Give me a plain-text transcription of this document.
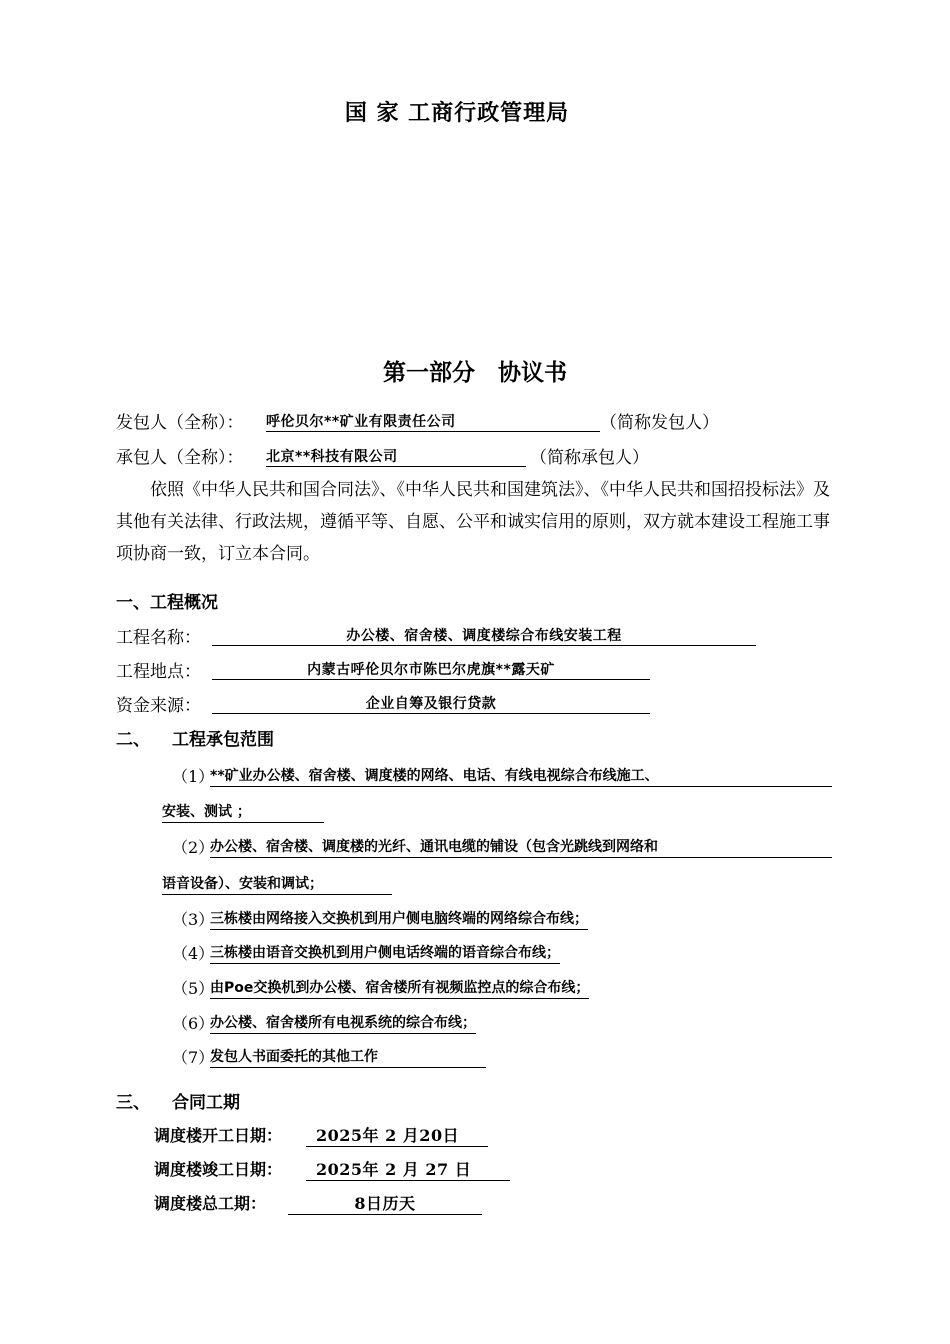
国 家 工商行政管理局
第一部分　协议书
发包人（全称）： 呼伦贝尔**矿业有限责任公司	（简称发包人）
承包人（全称）： 北京**科技有限公司	（简称承包人）
依照《中华人民共和国合同法》、《中华人民共和国建筑法》、《中华人民共和国招投标法》及其他有关法律、行政法规，遵循平等、自愿、公平和诚实信用的原则，双方就本建设工程施工事项协商一致，订立本合同。
一、工程概况
工程名称：	办公楼、宿舍楼、调度楼综合布线安装工程
工程地点：	内蒙古呼伦贝尔市陈巴尔虎旗**露天矿
资金来源：	企业自筹及银行贷款
二、 工程承包范围
（1）
**矿业办公楼、宿舍楼、调度楼的网络、电话、有线电视综合布线施工、
安装、测试 ；
（2）
办公楼、宿舍楼、调度楼的光纤、通讯电缆的铺设（包含光跳线到网络和
语音设备）、安装和调试；
（3）
三栋楼由网络接入交换机到用户侧电脑终端的网络综合布线；
（4）
三栋楼由语音交换机到用户侧电话终端的语音综合布线；
（5）
由Poe交换机到办公楼、宿舍楼所有视频监控点的综合布线；
（6）
办公楼、宿舍楼所有电视系统的综合布线；
（7）
发包人书面委托的其他工作
三、 合同工期
调度楼开工日期：	2025年 2 月20日
调度楼竣工日期：	2025年 2 月 27 日
调度楼总工期：	8日历天
